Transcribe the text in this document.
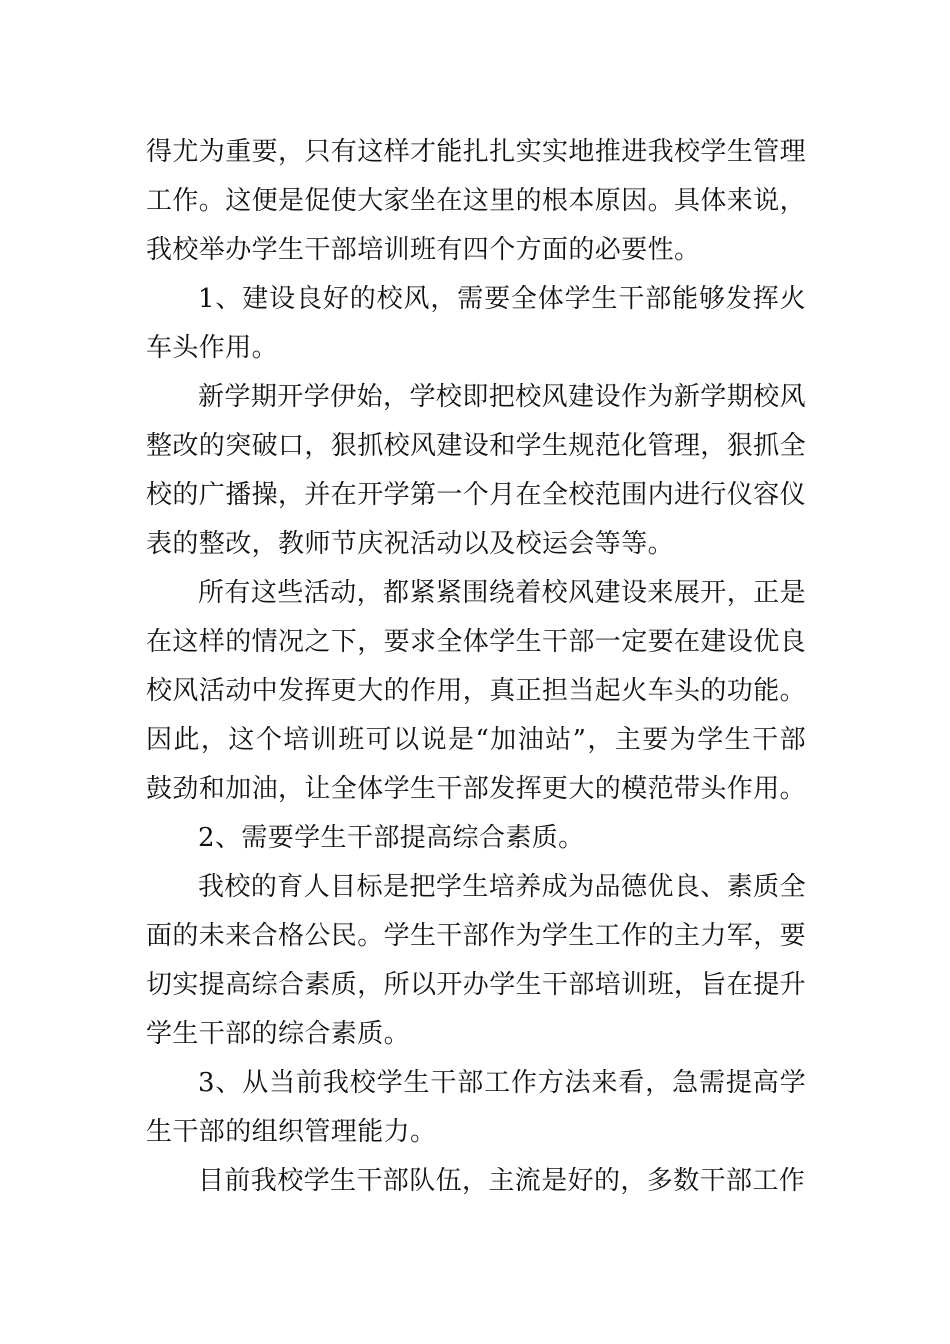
得尤为重要，只有这样才能扎扎实实地推进我校学生管理工作。这便是促使大家坐在这里的根本原因。具体来说，我校举办学生干部培训班有四个方面的必要性。

1、建设良好的校风，需要全体学生干部能够发挥火车头作用。

新学期开学伊始，学校即把校风建设作为新学期校风整改的突破口，狠抓校风建设和学生规范化管理，狠抓全校的广播操，并在开学第一个月在全校范围内进行仪容仪表的整改，教师节庆祝活动以及校运会等等。

所有这些活动，都紧紧围绕着校风建设来展开，正是在这样的情况之下，要求全体学生干部一定要在建设优良校风活动中发挥更大的作用，真正担当起火车头的功能。因此，这个培训班可以说是“加油站”，主要为学生干部鼓劲和加油，让全体学生干部发挥更大的模范带头作用。

2、需要学生干部提高综合素质。

我校的育人目标是把学生培养成为品德优良、素质全面的未来合格公民。学生干部作为学生工作的主力军，要切实提高综合素质，所以开办学生干部培训班，旨在提升学生干部的综合素质。

3、从当前我校学生干部工作方法来看，急需提高学生干部的组织管理能力。

目前我校学生干部队伍，主流是好的，多数干部工作
